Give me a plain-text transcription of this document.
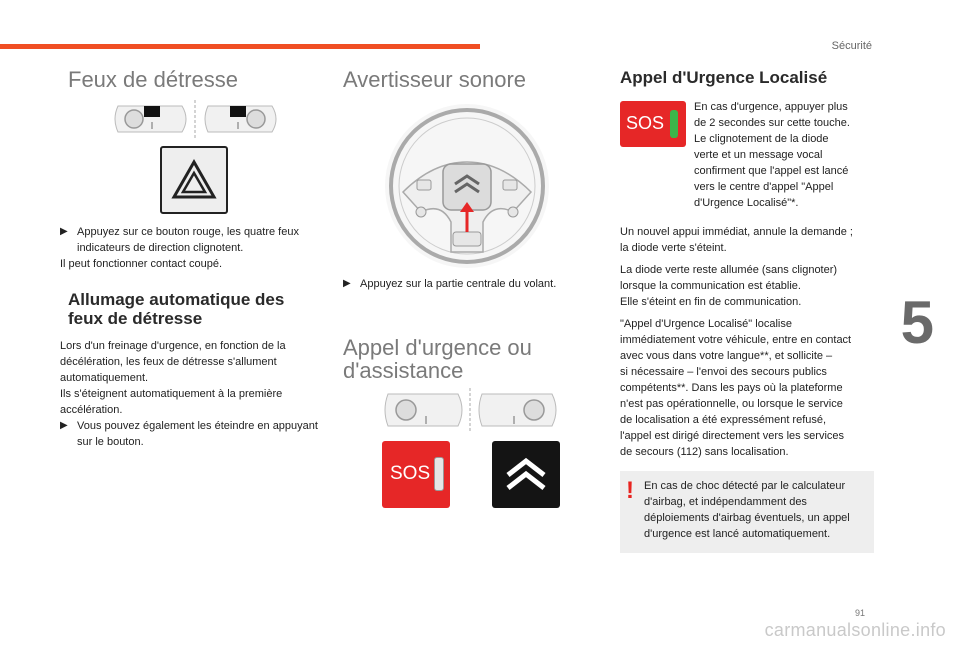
Sécurité
5
91
carmanualsonline.info
Feux de détresse

▶ Appuyez sur ce bouton rouge, les quatre feux indicateurs de direction clignotent.

Il peut fonctionner contact coupé.

Allumage automatique des
feux de détresse

Lors d'un freinage d'urgence, en fonction de la
décélération, les feux de détresse s'allument
automatiquement.
Ils s'éteignent automatiquement à la première
accélération.

▶ Vous pouvez également les éteindre en appuyant sur le bouton.

Avertisseur sonore

▶ Appuyez sur la partie centrale du volant.

Appel d'urgence ou
d'assistance
SOS
Appel d'Urgence Localisé
SOS

En cas d'urgence, appuyer plus
de 2 secondes sur cette touche.
Le clignotement de la diode
verte et un message vocal
confirment que l'appel est lancé
vers le centre d'appel "Appel
d'Urgence Localisé"*.

Un nouvel appui immédiat, annule la demande ;
la diode verte s'éteint.

La diode verte reste allumée (sans clignoter)
lorsque la communication est établie.
Elle s'éteint en fin de communication.

"Appel d'Urgence Localisé" localise
immédiatement votre véhicule, entre en contact
avec vous dans votre langue**, et sollicite –
si nécessaire – l'envoi des secours publics
compétents**. Dans les pays où la plateforme
n'est pas opérationnelle, ou lorsque le service
de localisation a été expressément refusé,
l'appel est dirigé directement vers les services
de secours (112) sans localisation.

! En cas de choc détecté par le calculateur
d'airbag, et indépendamment des
déploiements d'airbag éventuels, un appel
d'urgence est lancé automatiquement.
